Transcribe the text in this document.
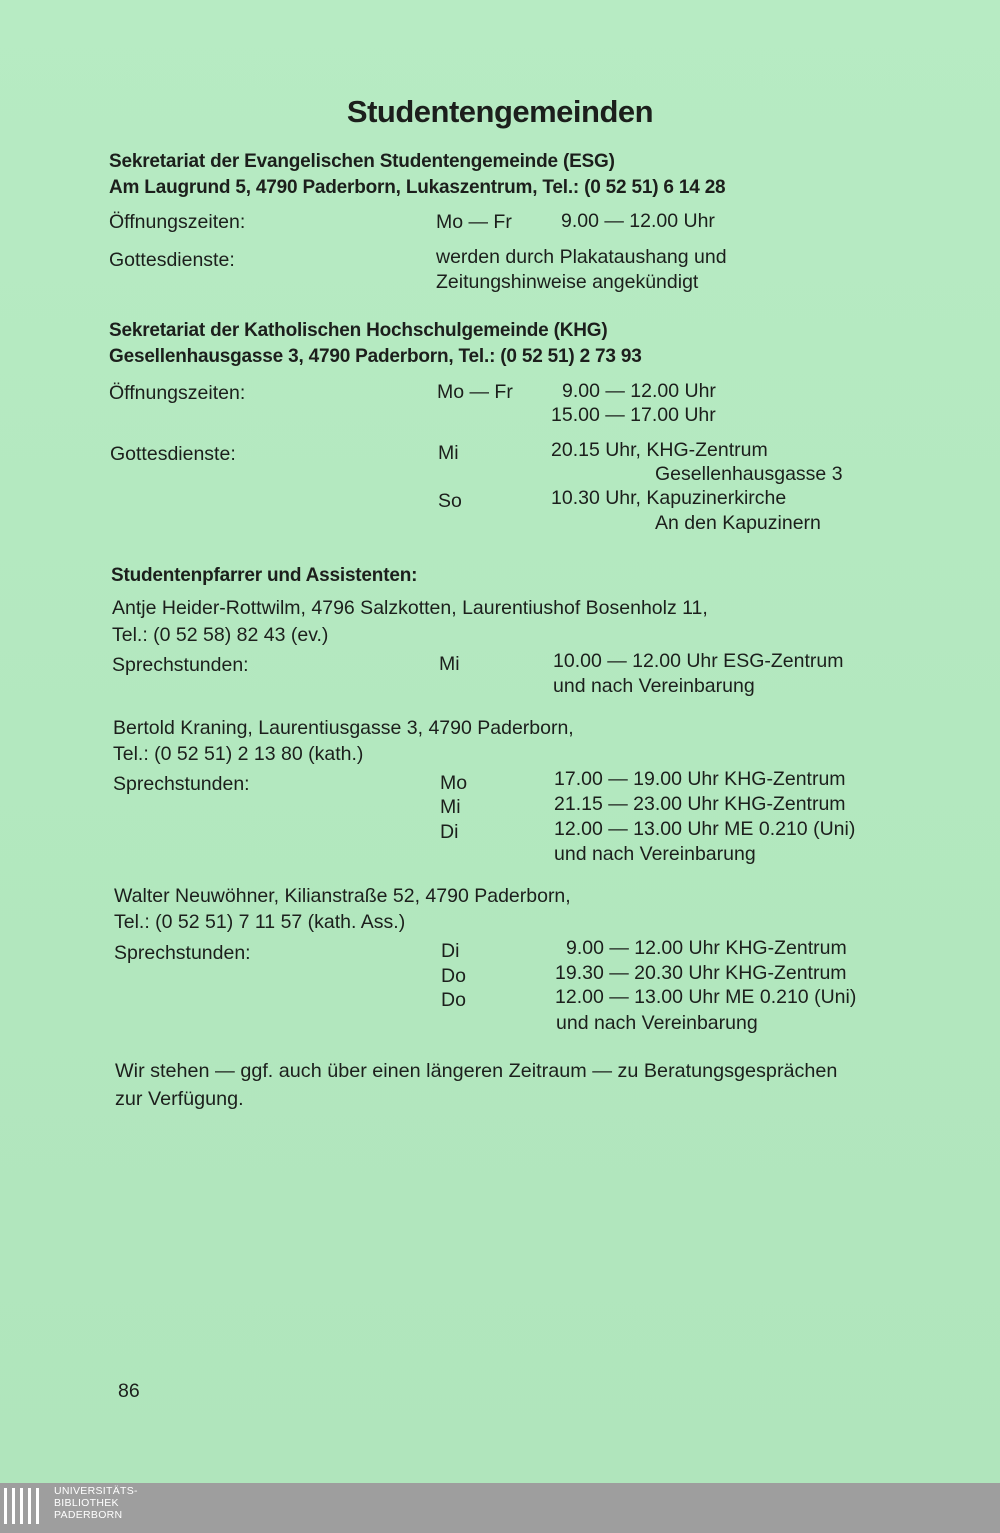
Studentengemeinden
Sekretariat der Evangelischen Studentengemeinde (ESG)
Am Laugrund 5, 4790 Paderborn, Lukaszentrum, Tel.: (0 52 51) 6 14 28
Öffnungszeiten:	Mo — Fr	9.00 — 12.00 Uhr
Gottesdienste:	werden durch Plakataushang und
Zeitungshinweise angekündigt
Sekretariat der Katholischen Hochschulgemeinde (KHG)
Gesellenhausgasse 3, 4790 Paderborn, Tel.: (0 52 51) 2 73 93
Öffnungszeiten:	Mo — Fr	9.00 — 12.00 Uhr
15.00 — 17.00 Uhr
Gottesdienste:	Mi	20.15 Uhr, KHG-Zentrum
Gesellenhausgasse 3
So	10.30 Uhr, Kapuzinerkirche
An den Kapuzinern
Studentenpfarrer und Assistenten:
Antje Heider-Rottwilm, 4796 Salzkotten, Laurentiushof Bosenholz 11,
Tel.: (0 52 58) 82 43 (ev.)
Sprechstunden:	Mi	10.00 — 12.00 Uhr ESG-Zentrum
und nach Vereinbarung
Bertold Kraning, Laurentiusgasse 3, 4790 Paderborn,
Tel.: (0 52 51) 2 13 80 (kath.)
Sprechstunden:	Mo	17.00 — 19.00 Uhr KHG-Zentrum
Mi	21.15 — 23.00 Uhr KHG-Zentrum
Di	12.00 — 13.00 Uhr ME 0.210 (Uni)
und nach Vereinbarung
Walter Neuwöhner, Kilianstraße 52, 4790 Paderborn,
Tel.: (0 52 51) 7 11 57 (kath. Ass.)
Sprechstunden:	Di	9.00 — 12.00 Uhr KHG-Zentrum
Do	19.30 — 20.30 Uhr KHG-Zentrum
Do	12.00 — 13.00 Uhr ME 0.210 (Uni)
und nach Vereinbarung
Wir stehen — ggf. auch über einen längeren Zeitraum — zu Beratungsgesprächen
zur Verfügung.
86
UNIVERSITÄTS-
BIBLIOTHEK
PADERBORN
